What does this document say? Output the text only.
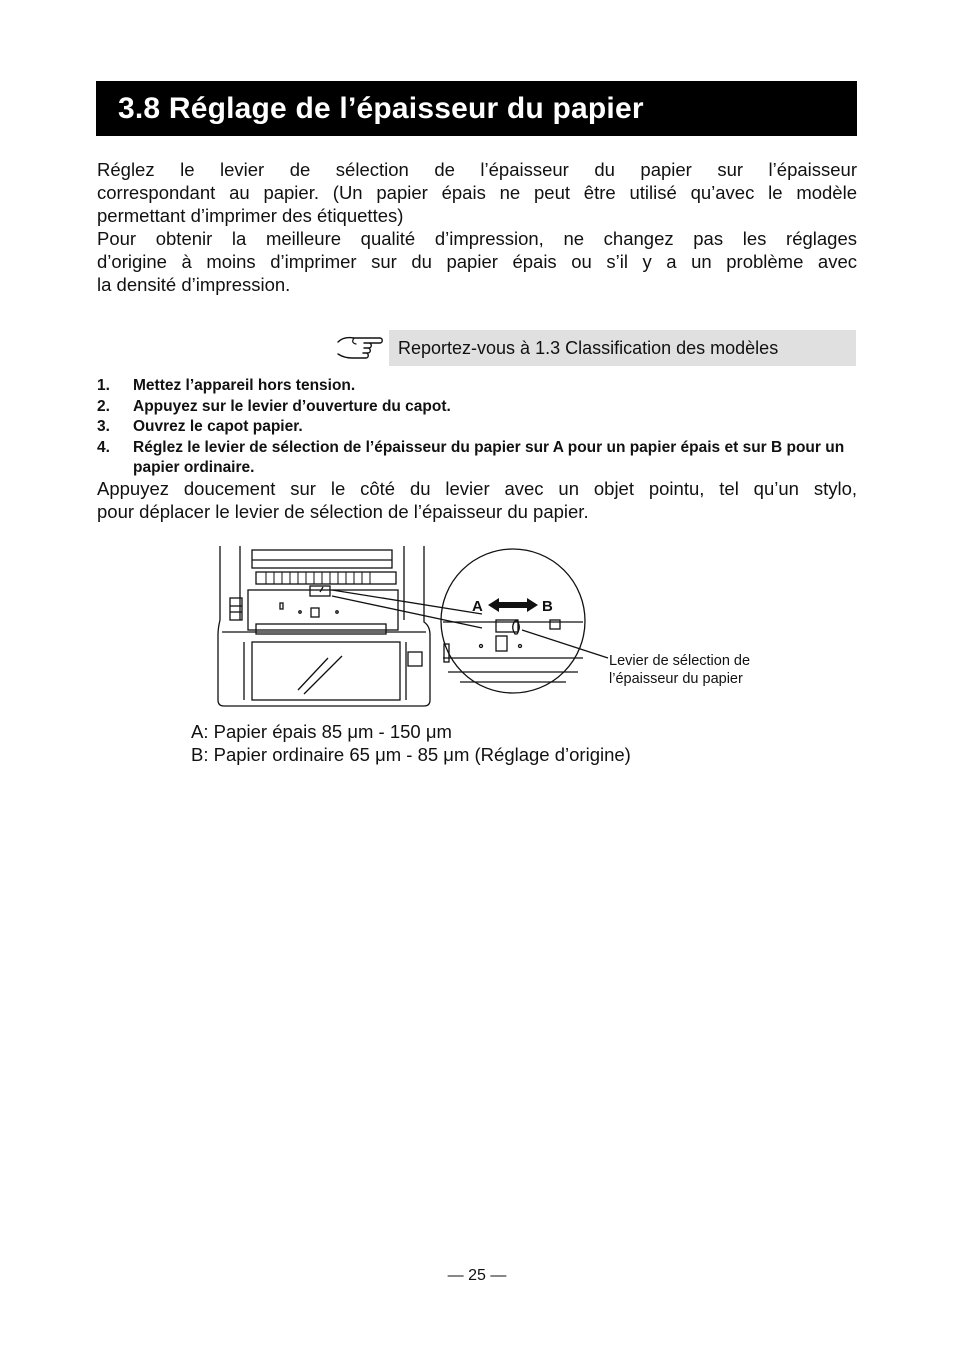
3.8 Réglage de l’épaisseur du papier

Réglez le levier de sélection de l’épaisseur du papier sur l’épaisseur
correspondant au papier. (Un papier épais ne peut être utilisé qu’avec le modèle
permettant d’imprimer des étiquettes)
Pour obtenir la meilleure qualité d’impression, ne changez pas les réglages
d’origine à moins d’imprimer sur du papier épais ou s’il y a un problème avec
la densité d’impression.

Reportez-vous à 1.3 Classification des modèles
1. Mettez l’appareil hors tension.
2. Appuyez sur le levier d’ouverture du capot.
3. Ouvrez le capot papier.
4. Réglez le levier de sélection de l’épaisseur du papier sur A pour un papier épais et sur B pour un papier ordinaire.

Appuyez doucement sur le côté du levier avec un objet pointu, tel qu’un stylo,
pour déplacer le levier de sélection de l’épaisseur du papier.

A	B

Levier de sélection de
l’épaisseur du papier

A: Papier épais 85 μm - 150 μm
B: Papier ordinaire 65 μm - 85 μm (Réglage d’origine)
— 25 —
